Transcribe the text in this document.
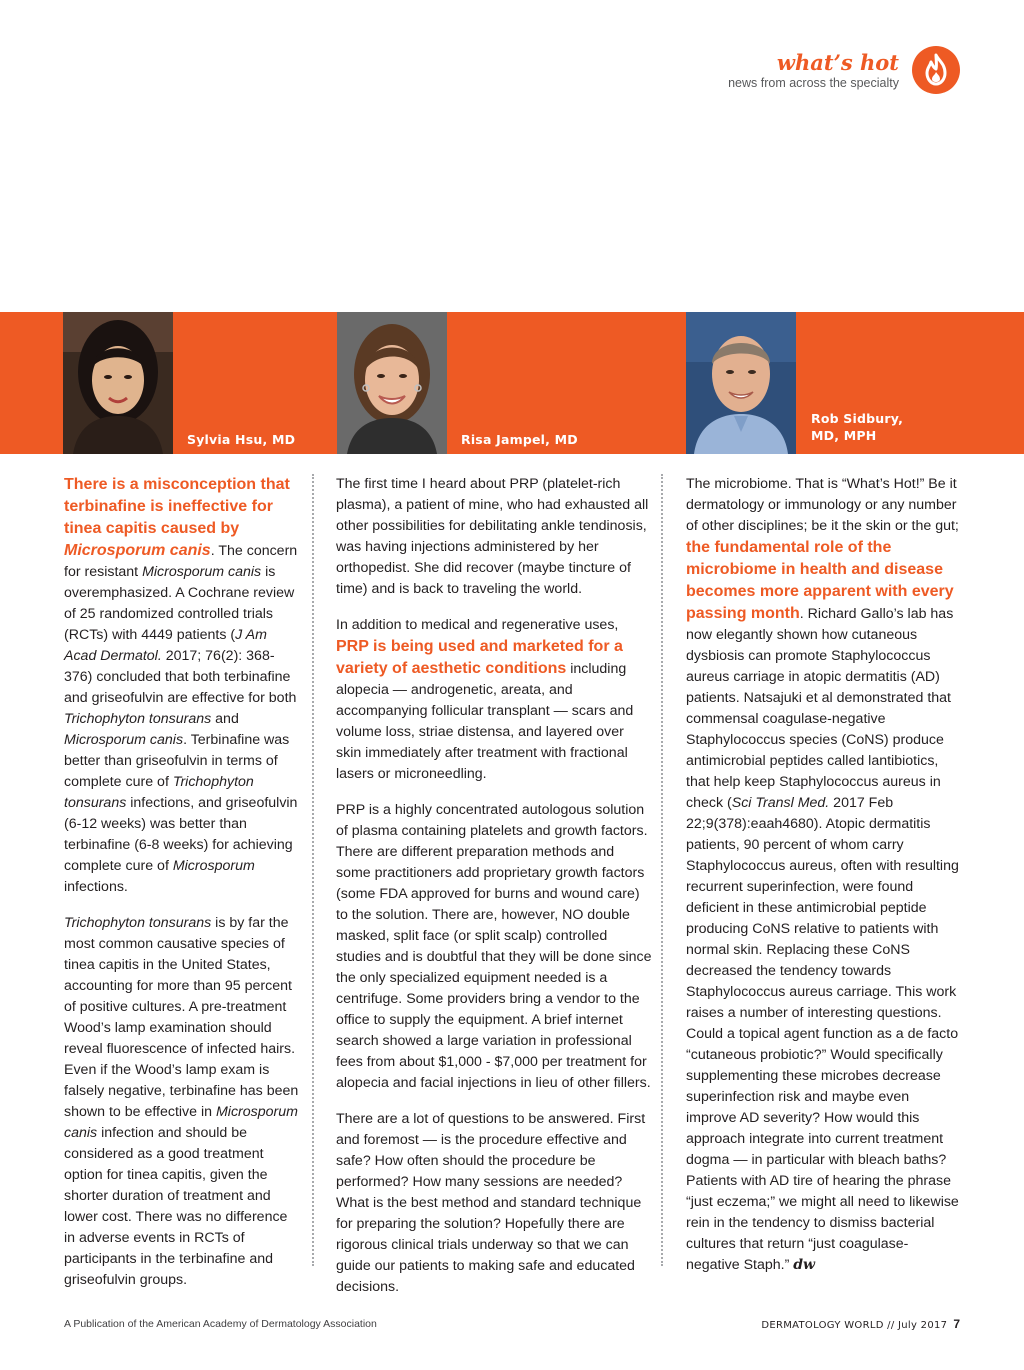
what’s hot
news from across the specialty
Sylvia Hsu, MD	Risa Jampel, MD
Rob Sidbury,
MD, MPH

There is a misconception that terbinafine is ineffective for tinea capitis caused by Microsporum canis. The concern for resistant Microsporum canis is overemphasized. A Cochrane review of 25 randomized controlled trials (RCTs) with 4449 patients (J Am Acad Dermatol. 2017; 76(2): 368-376) concluded that both terbinafine and griseofulvin are effective for both Trichophyton tonsurans and Microsporum canis. Terbinafine was better than griseofulvin in terms of complete cure of Trichophyton tonsurans infections, and griseofulvin (6-12 weeks) was better than terbinafine (6-8 weeks) for achieving complete cure of Microsporum infections.

Trichophyton tonsurans is by far the most common causative species of tinea capitis in the United States, accounting for more than 95 percent of positive cultures. A pre-treatment Wood’s lamp examination should reveal fluorescence of infected hairs. Even if the Wood’s lamp exam is falsely negative, terbinafine has been shown to be effective in Microsporum canis infection and should be considered as a good treatment option for tinea capitis, given the shorter duration of treatment and lower cost. There was no difference in adverse events in RCTs of participants in the terbinafine and griseofulvin groups.

The first time I heard about PRP (platelet-rich plasma), a patient of mine, who had exhausted all other possibilities for debilitating ankle tendinosis, was having injections administered by her orthopedist. She did recover (maybe tincture of time) and is back to traveling the world.

In addition to medical and regenerative uses, PRP is being used and marketed for a variety of aesthetic conditions including alopecia — androgenetic, areata, and accompanying follicular transplant — scars and volume loss, striae distensa, and layered over skin immediately after treatment with fractional lasers or microneedling.

PRP is a highly concentrated autologous solution of plasma containing platelets and growth factors. There are different preparation methods and some practitioners add proprietary growth factors (some FDA approved for burns and wound care) to the solution. There are, however, NO double masked, split face (or split scalp) controlled studies and is doubtful that they will be done since the only specialized equipment needed is a centrifuge. Some providers bring a vendor to the office to supply the equipment. A brief internet search showed a large variation in professional fees from about $1,000 - $7,000 per treatment for alopecia and facial injections in lieu of other fillers.

There are a lot of questions to be answered. First and foremost — is the procedure effective and safe? How often should the procedure be performed? How many sessions are needed? What is the best method and standard technique for preparing the solution? Hopefully there are rigorous clinical trials underway so that we can guide our patients to making safe and educated decisions.

The microbiome. That is “What’s Hot!” Be it dermatology or immunology or any number of other disciplines; be it the skin or the gut; the fundamental role of the microbiome in health and disease becomes more apparent with every passing month. Richard Gallo’s lab has now elegantly shown how cutaneous dysbiosis can promote Staphylococcus aureus carriage in atopic dermatitis (AD) patients. Natsajuki et al demonstrated that commensal coagulase-negative Staphylococcus species (CoNS) produce antimicrobial peptides called lantibiotics, that help keep Staphylococcus aureus in check (Sci Transl Med. 2017 Feb 22;9(378):eaah4680). Atopic dermatitis patients, 90 percent of whom carry Staphylococcus aureus, often with resulting recurrent superinfection, were found deficient in these antimicrobial peptide producing CoNS relative to patients with normal skin. Replacing these CoNS decreased the tendency towards Staphylococcus aureus carriage. This work raises a number of interesting questions. Could a topical agent function as a de facto “cutaneous probiotic?” Would specifically supplementing these microbes decrease superinfection risk and maybe even improve AD severity? How would this approach integrate into current treatment dogma — in particular with bleach baths? Patients with AD tire of hearing the phrase “just eczema;” we might all need to likewise rein in the tendency to dismiss bacterial cultures that return “just coagulase-negative Staph.” dw

A Publication of the American Academy of Dermatology Association	DERMATOLOGY WORLD // July 2017 7
